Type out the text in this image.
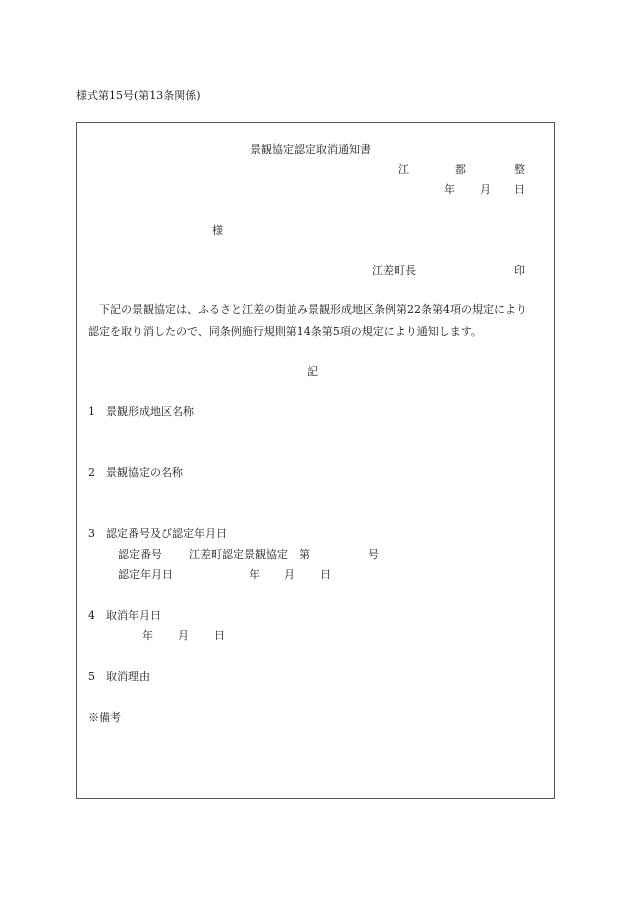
様式第15号(第13条関係)
景観協定認定取消通知書
江	都	整
年 月 日
様
江差町長	印
下記の景観協定は、ふるさと江差の街並み景観形成地区条例第22条第4項の規定により認定を取り消したので、同条例施行規則第14条第5項の規定により通知します。
記
1 景観形成地区名称
2 景観協定の名称
3 認定番号及び認定年月日
認定番号 江差町認定景観協定　第	号
認定年月日	年 月 日
4 取消年月日
年 月 日
5 取消理由
※備考
